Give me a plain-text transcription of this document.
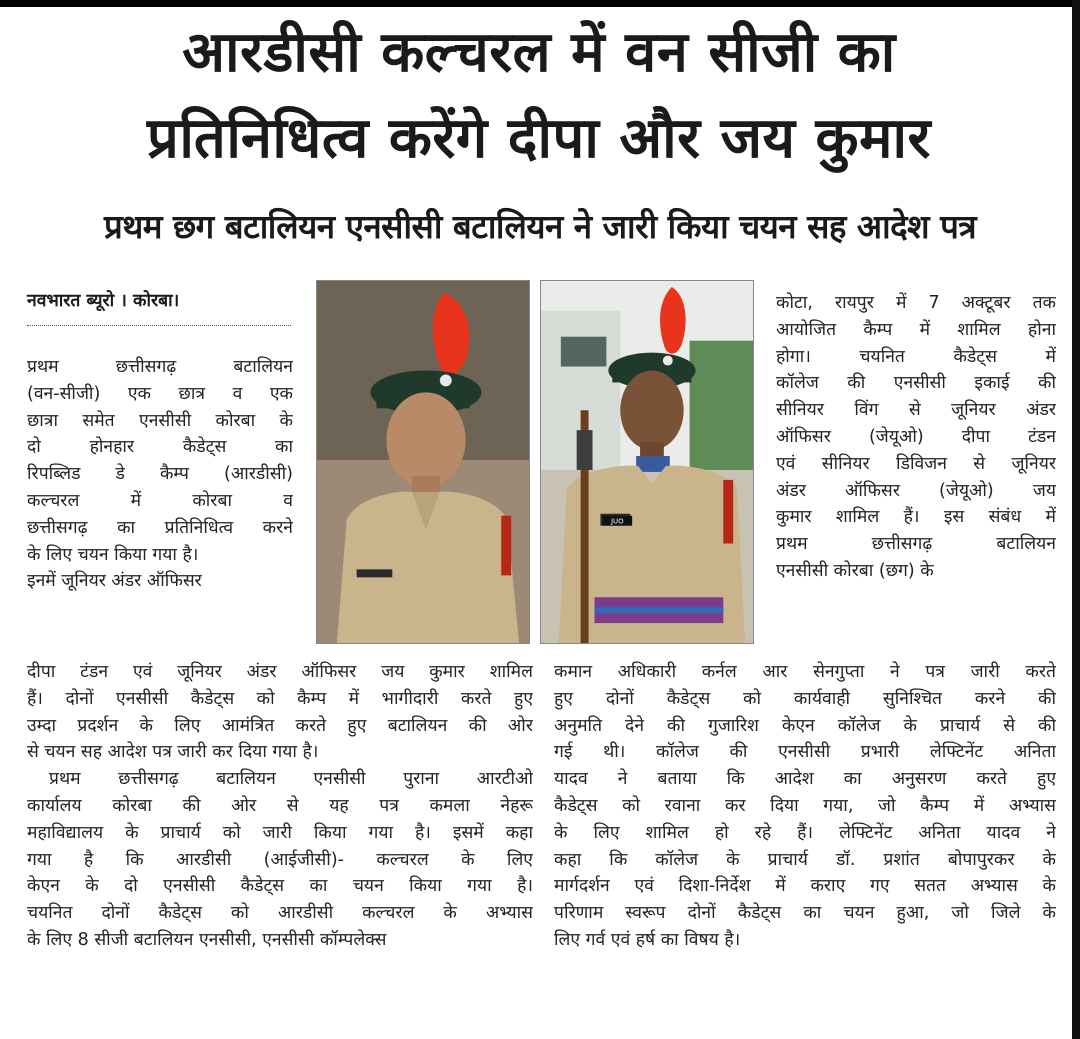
आरडीसी कल्चरल में वन सीजी का
प्रतिनिधित्व करेंगे दीपा और जय कुमार
प्रथम छग बटालियन एनसीसी बटालियन ने जारी किया चयन सह आदेश पत्र
नवभारत ब्यूरो । कोरबा।
प्रथम छत्तीसगढ़ बटालियन
(वन-सीजी) एक छात्र व एक
छात्रा समेत एनसीसी कोरबा के
दो होनहार कैडेट्स का
रिपब्लिड डे कैम्प (आरडीसी)
कल्चरल में कोरबा व
छत्तीसगढ़ का प्रतिनिधित्व करने
के लिए चयन किया गया है।
इनमें जूनियर अंडर ऑफिसर
JUO
कोटा, रायपुर में 7 अक्टूबर तक
आयोजित कैम्प में शामिल होना
होगा। चयनित कैडेट्स में
कॉलेज की एनसीसी इकाई की
सीनियर विंग से जूनियर अंडर
ऑफिसर (जेयूओ) दीपा टंडन
एवं सीनियर डिविजन से जूनियर
अंडर ऑफिसर (जेयूओ) जय
कुमार शामिल हैं। इस संबंध में
प्रथम छत्तीसगढ़ बटालियन
एनसीसी कोरबा (छग) के
दीपा टंडन एवं जूनियर अंडर ऑफिसर जय कुमार शामिल
हैं। दोनों एनसीसी कैडेट्स को कैम्प में भागीदारी करते हुए
उम्दा प्रदर्शन के लिए आमंत्रित करते हुए बटालियन की ओर
से चयन सह आदेश पत्र जारी कर दिया गया है।
प्रथम छत्तीसगढ़ बटालियन एनसीसी पुराना आरटीओ
कार्यालय कोरबा की ओर से यह पत्र कमला नेहरू
महाविद्यालय के प्राचार्य को जारी किया गया है। इसमें कहा
गया है कि आरडीसी (आईजीसी)- कल्चरल के लिए
केएन के दो एनसीसी कैडेट्स का चयन किया गया है।
चयनित दोनों कैडेट्स को आरडीसी कल्चरल के अभ्यास
के लिए 8 सीजी बटालियन एनसीसी, एनसीसी कॉम्पलेक्स
कमान अधिकारी कर्नल आर सेनगुप्ता ने पत्र जारी करते
हुए दोनों कैडेट्स को कार्यवाही सुनिश्चित करने की
अनुमति देने की गुजारिश केएन कॉलेज के प्राचार्य से की
गई थी। कॉलेज की एनसीसी प्रभारी लेफ्टिनेंट अनिता
यादव ने बताया कि आदेश का अनुसरण करते हुए
कैडेट्स को रवाना कर दिया गया, जो कैम्प में अभ्यास
के लिए शामिल हो रहे हैं। लेफ्टिनेंट अनिता यादव ने
कहा कि कॉलेज के प्राचार्य डॉ. प्रशांत बोपापुरकर के
मार्गदर्शन एवं दिशा-निर्देश में कराए गए सतत अभ्यास के
परिणाम स्वरूप दोनों कैडेट्स का चयन हुआ, जो जिले के
लिए गर्व एवं हर्ष का विषय है।
